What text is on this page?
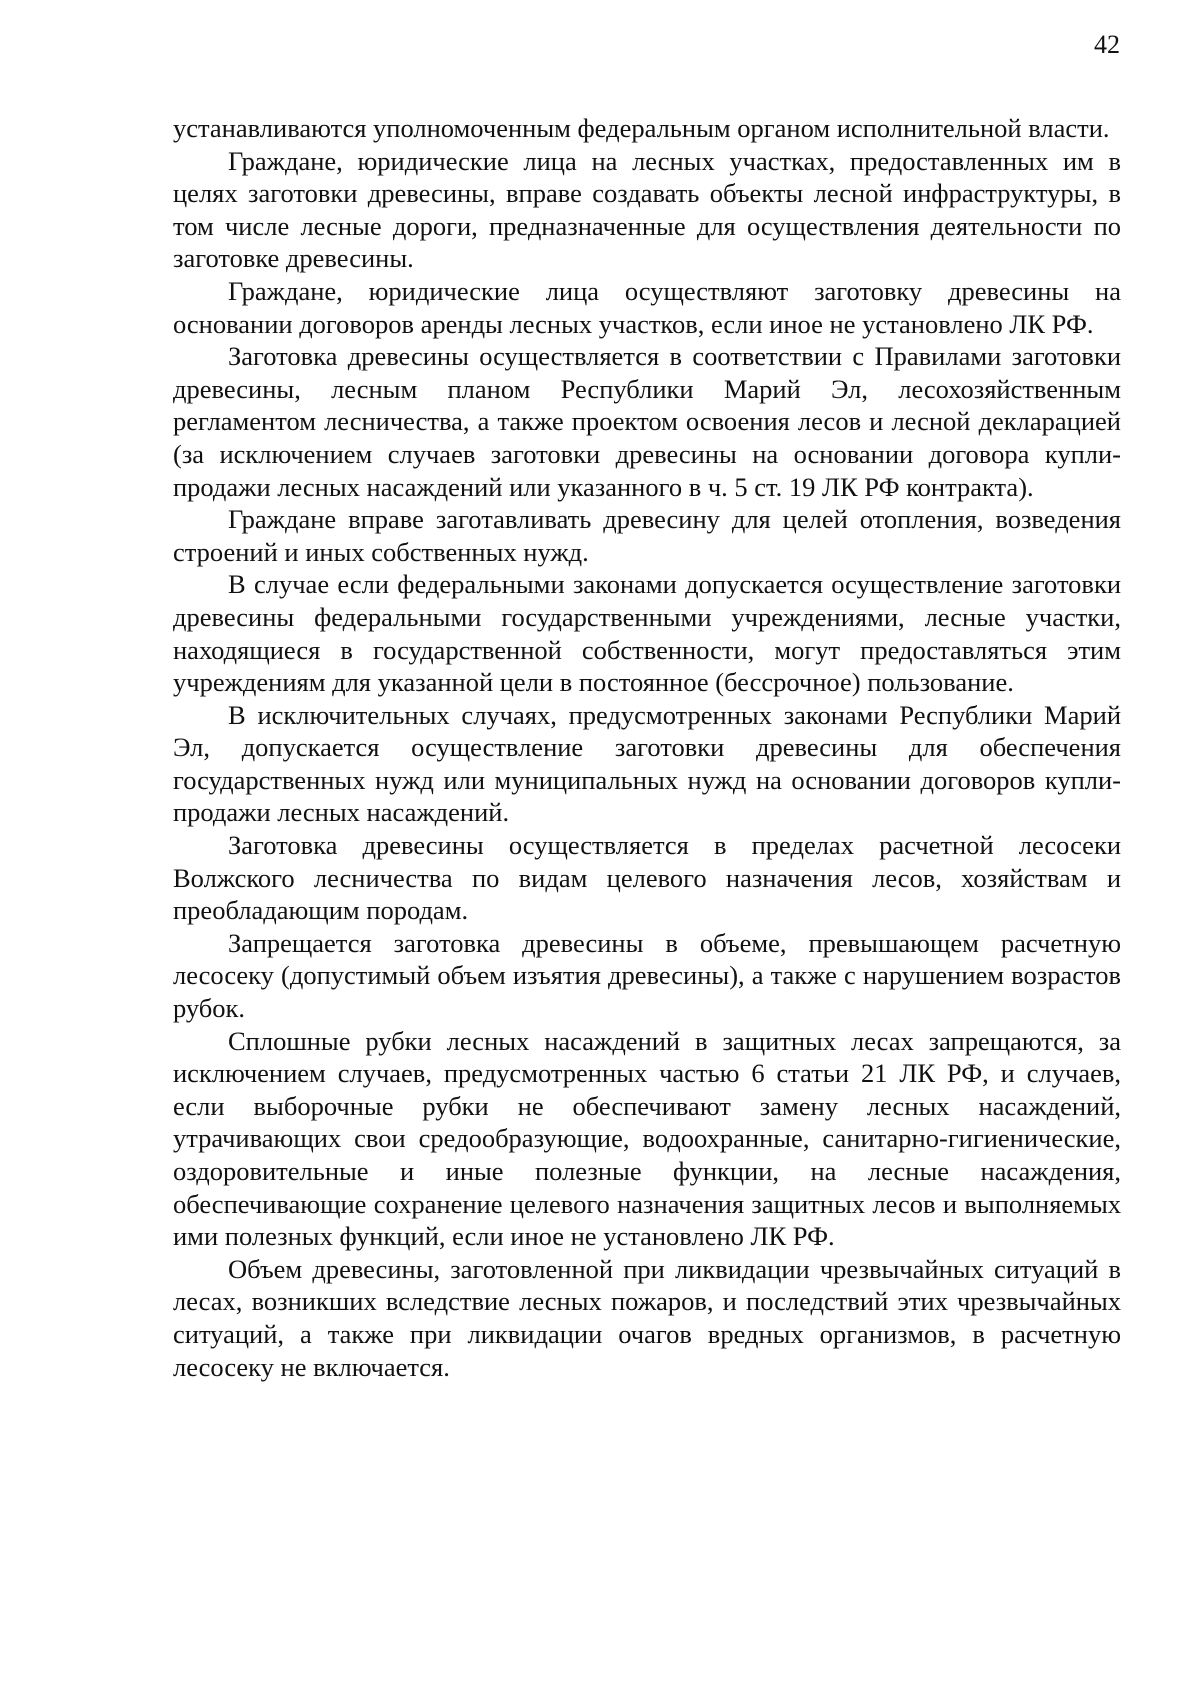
42

устанавливаются уполномоченным федеральным органом исполнительной власти.

Граждане, юридические лица на лесных участках, предоставленных им в целях заготовки древесины, вправе создавать объекты лесной инфраструктуры, в том числе лесные дороги, предназначенные для осуществления деятельности по заготовке древесины.

Граждане, юридические лица осуществляют заготовку древесины на основании договоров аренды лесных участков, если иное не установлено ЛК РФ.

Заготовка древесины осуществляется в соответствии с Правилами заготовки древесины, лесным планом Республики Марий Эл, лесохозяйственным регламентом лесничества, а также проектом освоения лесов и лесной декларацией (за исключением случаев заготовки древесины на основании договора купли-продажи лесных насаждений или указанного в ч. 5 ст. 19 ЛК РФ контракта).

Граждане вправе заготавливать древесину для целей отопления, возведения строений и иных собственных нужд.

В случае если федеральными законами допускается осуществление заготовки древесины федеральными государственными учреждениями, лесные участки, находящиеся в государственной собственности, могут предоставляться этим учреждениям для указанной цели в постоянное (бессрочное) пользование.

В исключительных случаях, предусмотренных законами Республики Марий Эл, допускается осуществление заготовки древесины для обеспечения государственных нужд или муниципальных нужд на основании договоров купли-продажи лесных насаждений.

Заготовка древесины осуществляется в пределах расчетной лесосеки Волжского лесничества по видам целевого назначения лесов, хозяйствам и преобладающим породам.

Запрещается заготовка древесины в объеме, превышающем расчетную лесосеку (допустимый объем изъятия древесины), а также с нарушением возрастов рубок.

Сплошные рубки лесных насаждений в защитных лесах запрещаются, за исключением случаев, предусмотренных частью 6 статьи 21 ЛК РФ, и случаев, если выборочные рубки не обеспечивают замену лесных насаждений, утрачивающих свои средообразующие, водоохранные, санитарно-гигиенические, оздоровительные и иные полезные функции, на лесные насаждения, обеспечивающие сохранение целевого назначения защитных лесов и выполняемых ими полезных функций, если иное не установлено ЛК РФ.

Объем древесины, заготовленной при ликвидации чрезвычайных ситуаций в лесах, возникших вследствие лесных пожаров, и последствий этих чрезвычайных ситуаций, а также при ликвидации очагов вредных организмов, в расчетную лесосеку не включается.
